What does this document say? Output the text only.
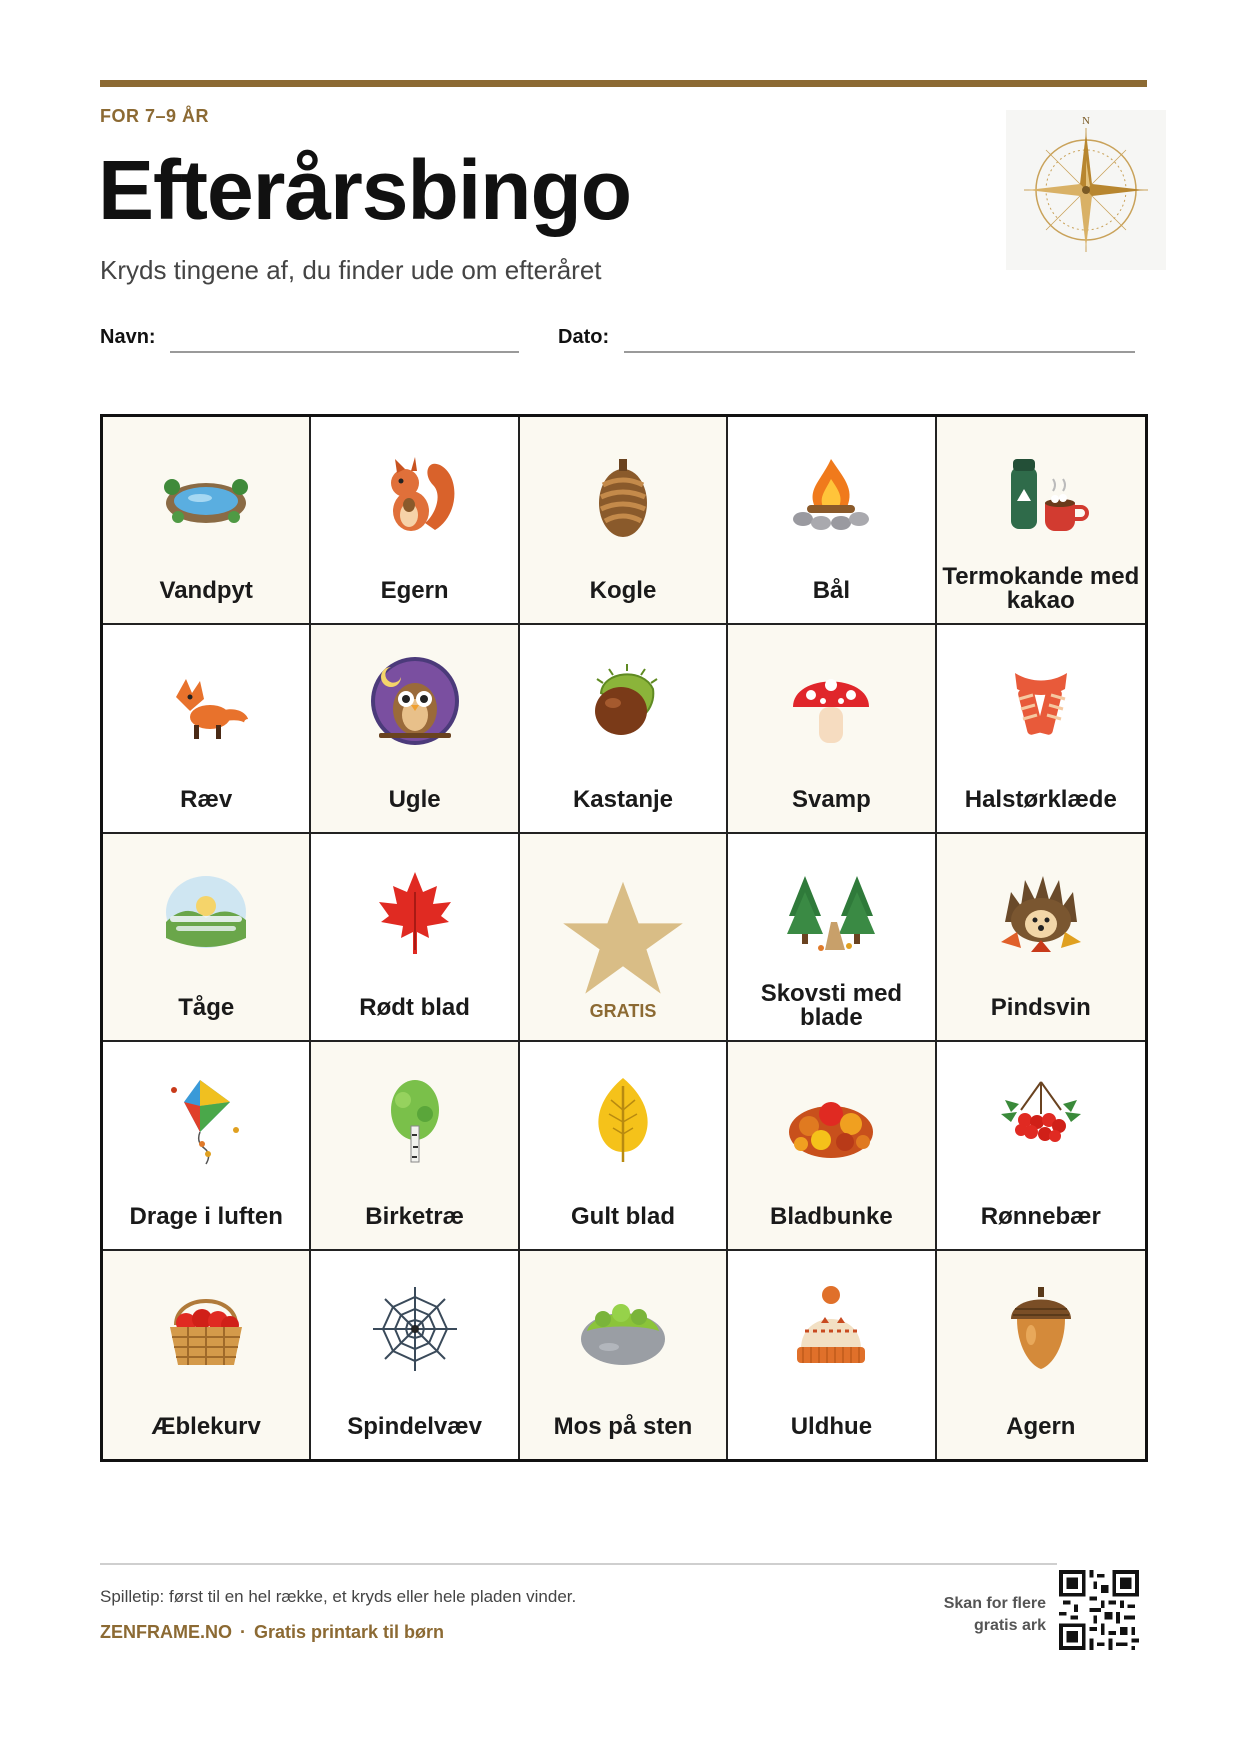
FOR 7–9 ÅR
Efterårsbingo
Kryds tingene af, du finder ude om efteråret
N
Navn:	Dato:
Vandpyt	Egern	Kogle	Bål
Termokande med kakao
Ræv	Ugle	Kastanje	Svamp	Halstørklæde
Tåge	Rødt blad	GRATIS
Skovsti med blade	Pindsvin
Drage i luften	Birketræ	Gult blad	Bladbunke	Rønnebær
Æblekurv	Spindelvæv	Mos på sten	Uldhue	Agern
Spilletip: først til en hel række, et kryds eller hele pladen vinder.
ZENFRAME.NO · Gratis printark til børn
Skan for flere
gratis ark
